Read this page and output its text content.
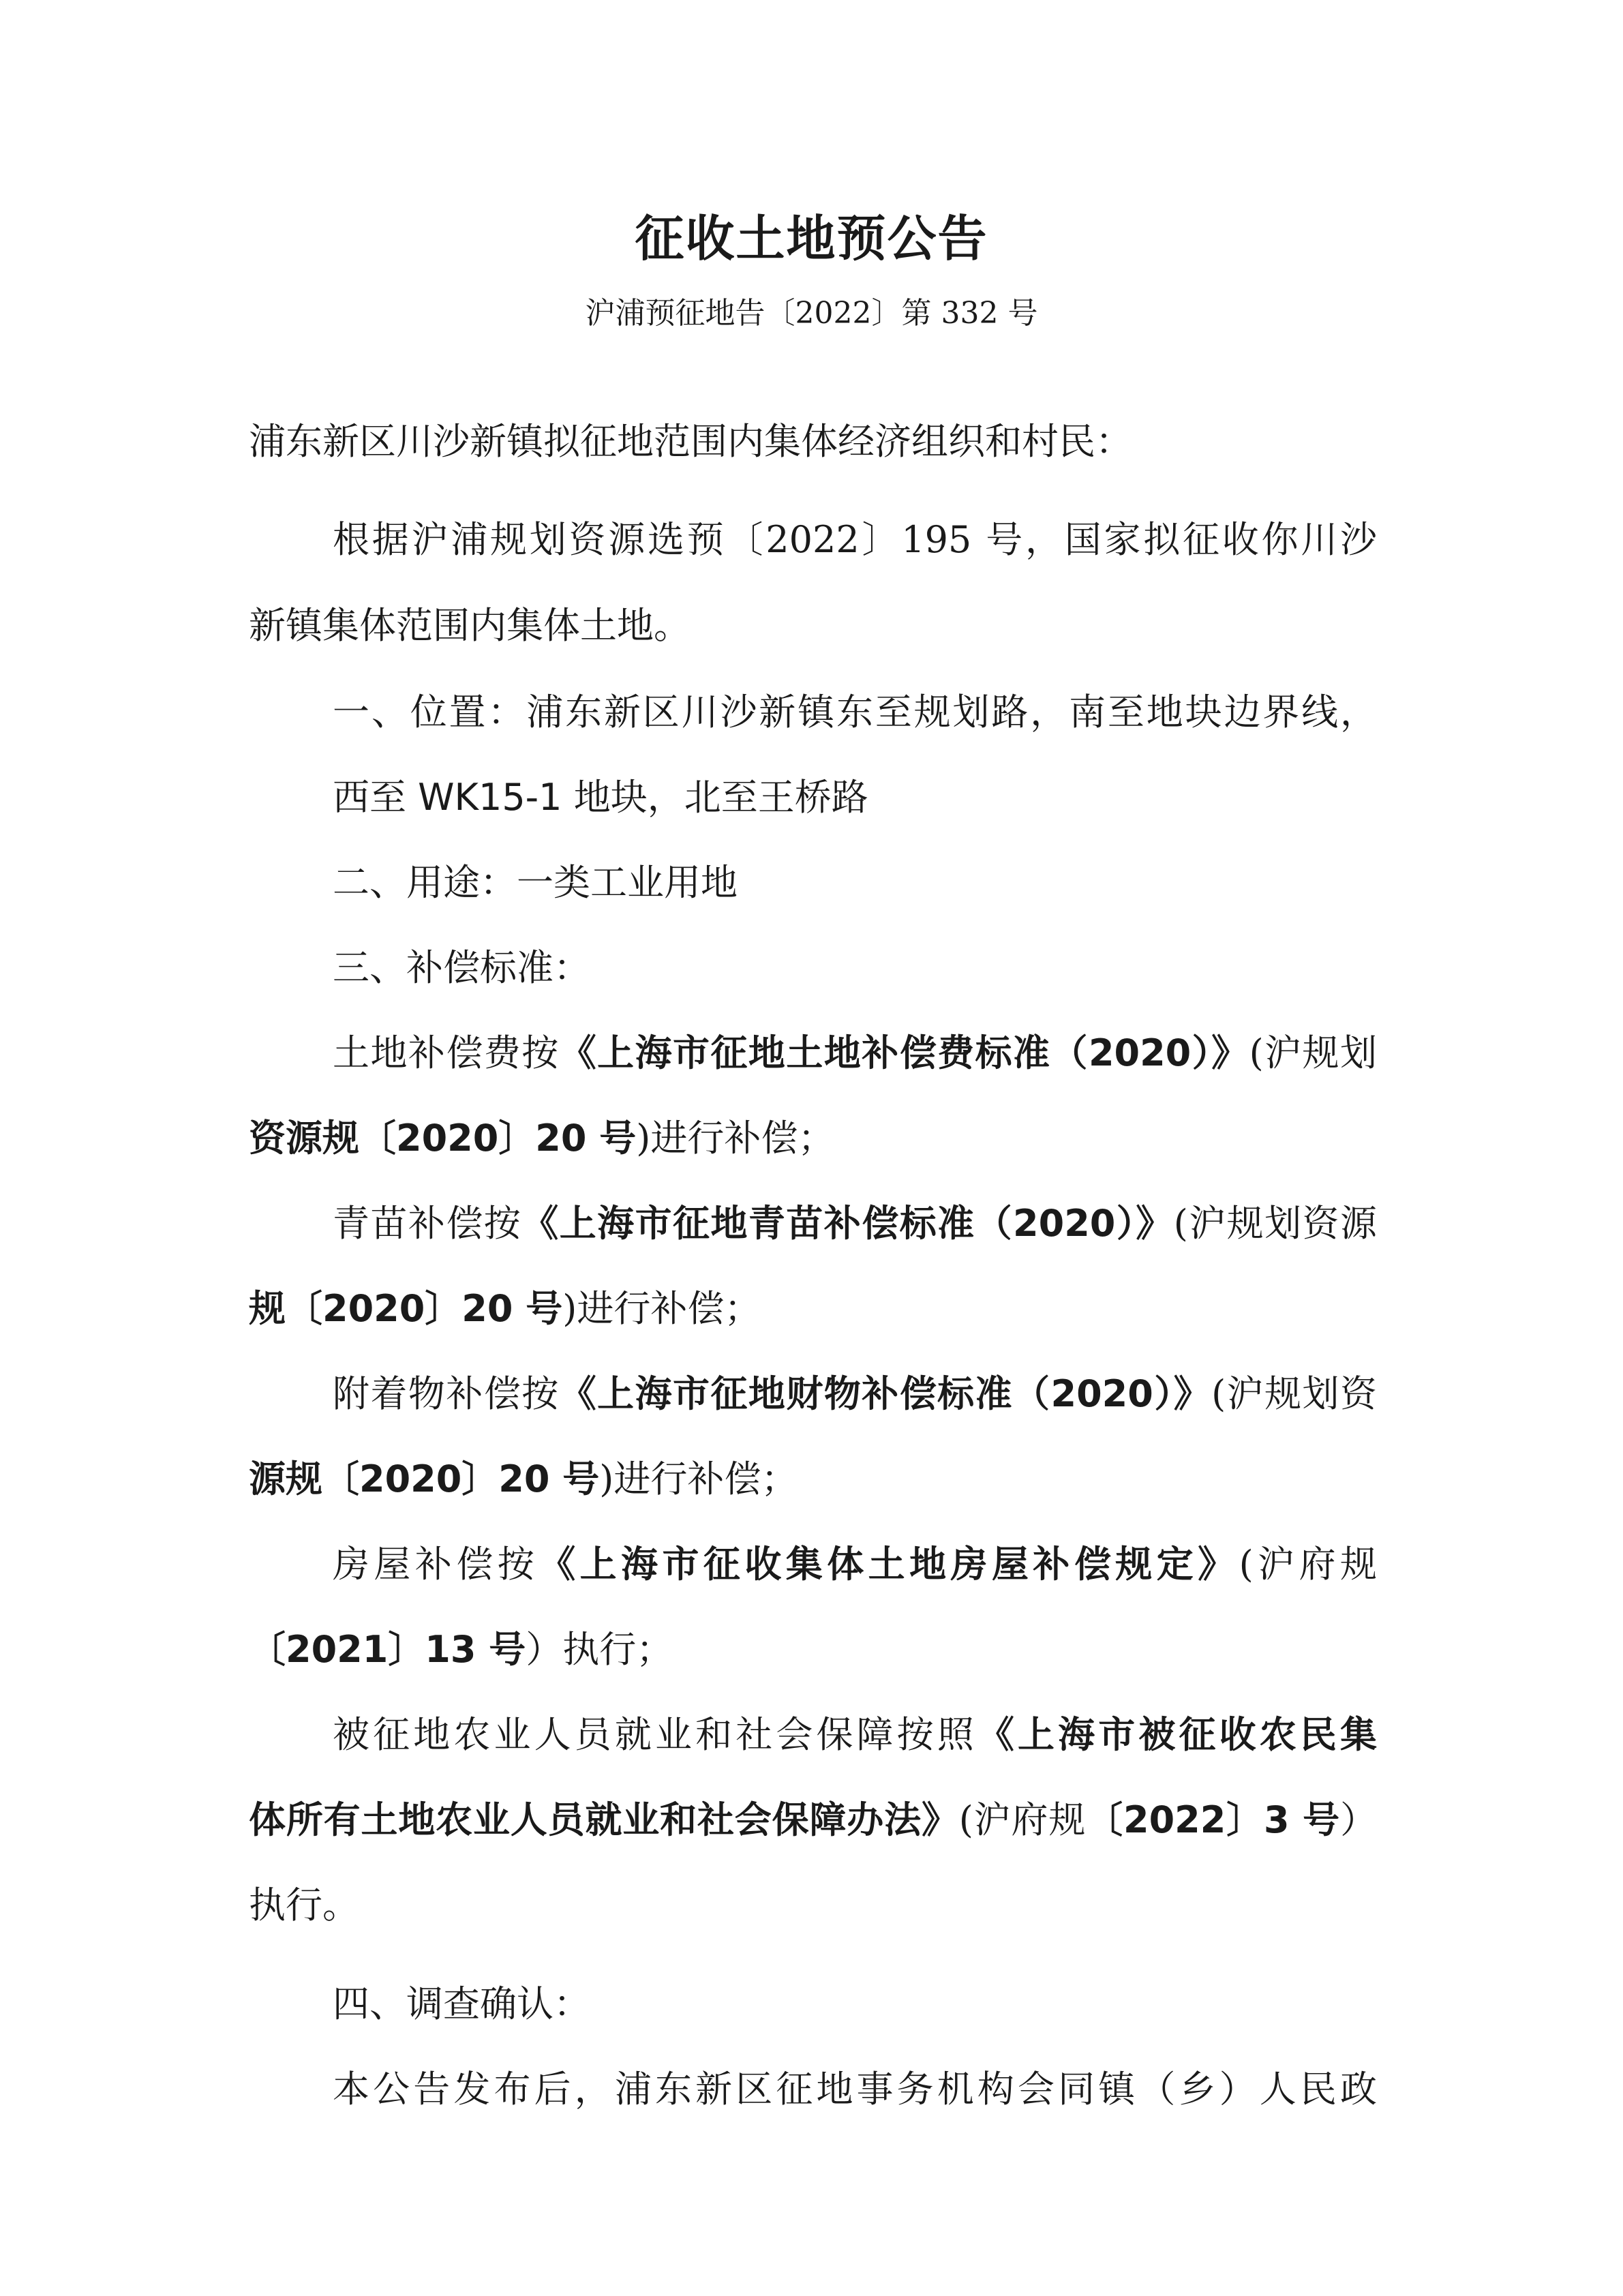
征收土地预公告
沪浦预征地告〔2022〕第 332 号
浦东新区川沙新镇拟征地范围内集体经济组织和村民：
根据沪浦规划资源选预〔2022〕195 号，国家拟征收你川沙
新镇集体范围内集体土地。
一、位置：浦东新区川沙新镇东至规划路，南至地块边界线，
西至 WK15-1 地块，北至王桥路
二、用途：一类工业用地
三、补偿标准：
土地补偿费按《上海市征地土地补偿费标准（2020）》(沪规划
资源规〔2020〕20 号)进行补偿；
青苗补偿按《上海市征地青苗补偿标准（2020）》(沪规划资源
规〔2020〕20 号)进行补偿；
附着物补偿按《上海市征地财物补偿标准（2020）》(沪规划资
源规〔2020〕20 号)进行补偿；
房屋补偿按《上海市征收集体土地房屋补偿规定》(沪府规
〔2021〕13 号）执行；
被征地农业人员就业和社会保障按照《上海市被征收农民集
体所有土地农业人员就业和社会保障办法》(沪府规〔2022〕3 号）
执行。
四、调查确认：
本公告发布后，浦东新区征地事务机构会同镇（乡）人民政
